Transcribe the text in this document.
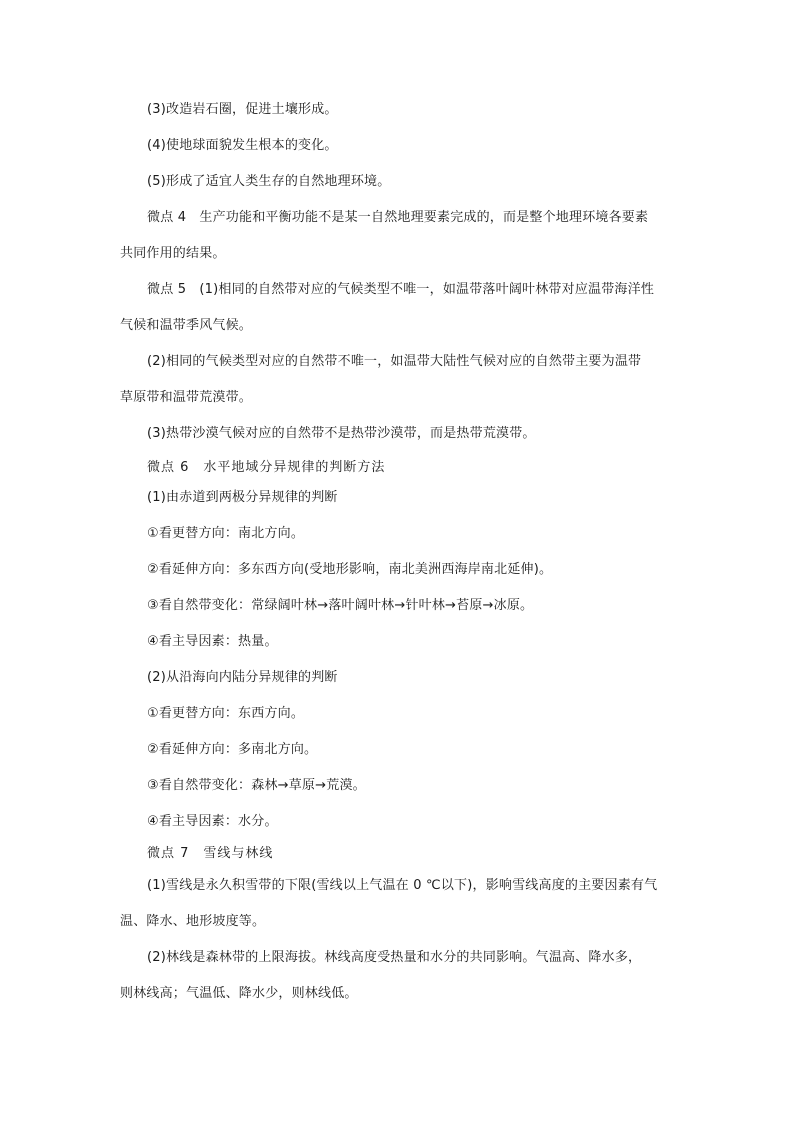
(3)改造岩石圈，促进土壤形成。
(4)使地球面貌发生根本的变化。
(5)形成了适宜人类生存的自然地理环境。
微点 4　生产功能和平衡功能不是某一自然地理要素完成的，而是整个地理环境各要素
共同作用的结果。
微点 5　(1)相同的自然带对应的气候类型不唯一，如温带落叶阔叶林带对应温带海洋性
气候和温带季风气候。
(2)相同的气候类型对应的自然带不唯一，如温带大陆性气候对应的自然带主要为温带
草原带和温带荒漠带。
(3)热带沙漠气候对应的自然带不是热带沙漠带，而是热带荒漠带。
微点 6　水平地域分异规律的判断方法
(1)由赤道到两极分异规律的判断
①看更替方向：南北方向。
②看延伸方向：多东西方向(受地形影响，南北美洲西海岸南北延伸)。
③看自然带变化：常绿阔叶林→落叶阔叶林→针叶林→苔原→冰原。
④看主导因素：热量。
(2)从沿海向内陆分异规律的判断
①看更替方向：东西方向。
②看延伸方向：多南北方向。
③看自然带变化：森林→草原→荒漠。
④看主导因素：水分。
微点 7　雪线与林线
(1)雪线是永久积雪带的下限(雪线以上气温在 0 ℃以下)，影响雪线高度的主要因素有气
温、降水、地形坡度等。
(2)林线是森林带的上限海拔。林线高度受热量和水分的共同影响。气温高、降水多，
则林线高；气温低、降水少，则林线低。
